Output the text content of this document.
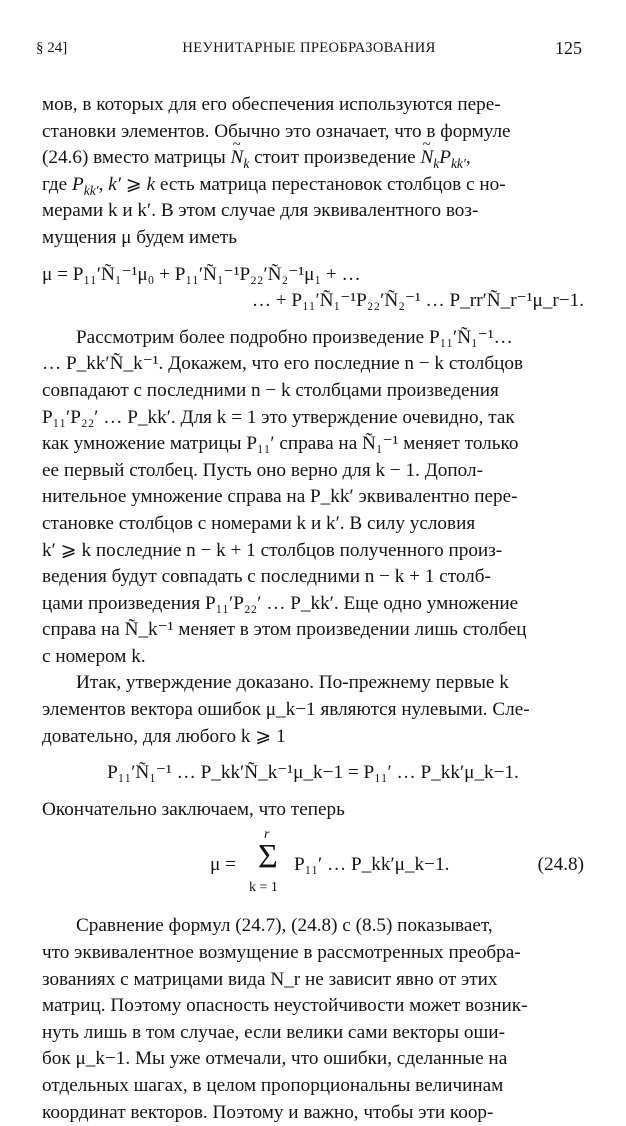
§ 24]	НЕУНИТАРНЫЕ ПРЕОБРАЗОВАНИЯ	125

мов, в которых для его обеспечения используются пере-

становки элементов. Обычно это означает, что в формуле

(24.6) вместо матрицы ~ $N_k$ стоит произведение ~ $N_kP_{kk'}$,

где $P_{kk'}$, k′ ⩾ k есть матрица перестановок столбцов с но-

мерами k и k′. В этом случае для эквивалентного воз-

мущения μ будем иметь

μ = P₁₁′Ñ₁⁻¹μ₀ + P₁₁′Ñ₁⁻¹P₂₂′Ñ₂⁻¹μ₁ + …
… + P₁₁′Ñ₁⁻¹P₂₂′Ñ₂⁻¹ … P_rr′Ñ_r⁻¹μ_r−1.

Рассмотрим более подробно произведение P₁₁′Ñ₁⁻¹…

… P_kk′Ñ_k⁻¹. Докажем, что его последние n − k столбцов

совпадают с последними n − k столбцами произведения

P₁₁′P₂₂′ … P_kk′. Для k = 1 это утверждение очевидно, так

как умножение матрицы P₁₁′ справа на Ñ₁⁻¹ меняет только

ее первый столбец. Пусть оно верно для k − 1. Допол-

нительное умножение справа на P_kk′ эквивалентно пере-

становке столбцов с номерами k и k′. В силу условия

k′ ⩾ k последние n − k + 1 столбцов полученного произ-

ведения будут совпадать с последними n − k + 1 столб-

цами произведения P₁₁′P₂₂′ … P_kk′. Еще одно умножение

справа на Ñ_k⁻¹ меняет в этом произведении лишь столбец

с номером k.

Итак, утверждение доказано. По-прежнему первые k

элементов вектора ошибок μ_k−1 являются нулевыми. Сле-

довательно, для любого k ⩾ 1

P₁₁′Ñ₁⁻¹ … P_kk′Ñ_k⁻¹μ_k−1 = P₁₁′ … P_kk′μ_k−1.

Окончательно заключаем, что теперь

μ =
r
Σ
k = 1
P₁₁′ … P_kk′μ_k−1.	(24.8)

Сравнение формул (24.7), (24.8) с (8.5) показывает,

что эквивалентное возмущение в рассмотренных преобра-

зованиях с матрицами вида N_r не зависит явно от этих

матриц. Поэтому опасность неустойчивости может возник-

нуть лишь в том случае, если велики сами векторы оши-

бок μ_k−1. Мы уже отмечали, что ошибки, сделанные на

отдельных шагах, в целом пропорциональны величинам

координат векторов. Поэтому и важно, чтобы эти коор-
